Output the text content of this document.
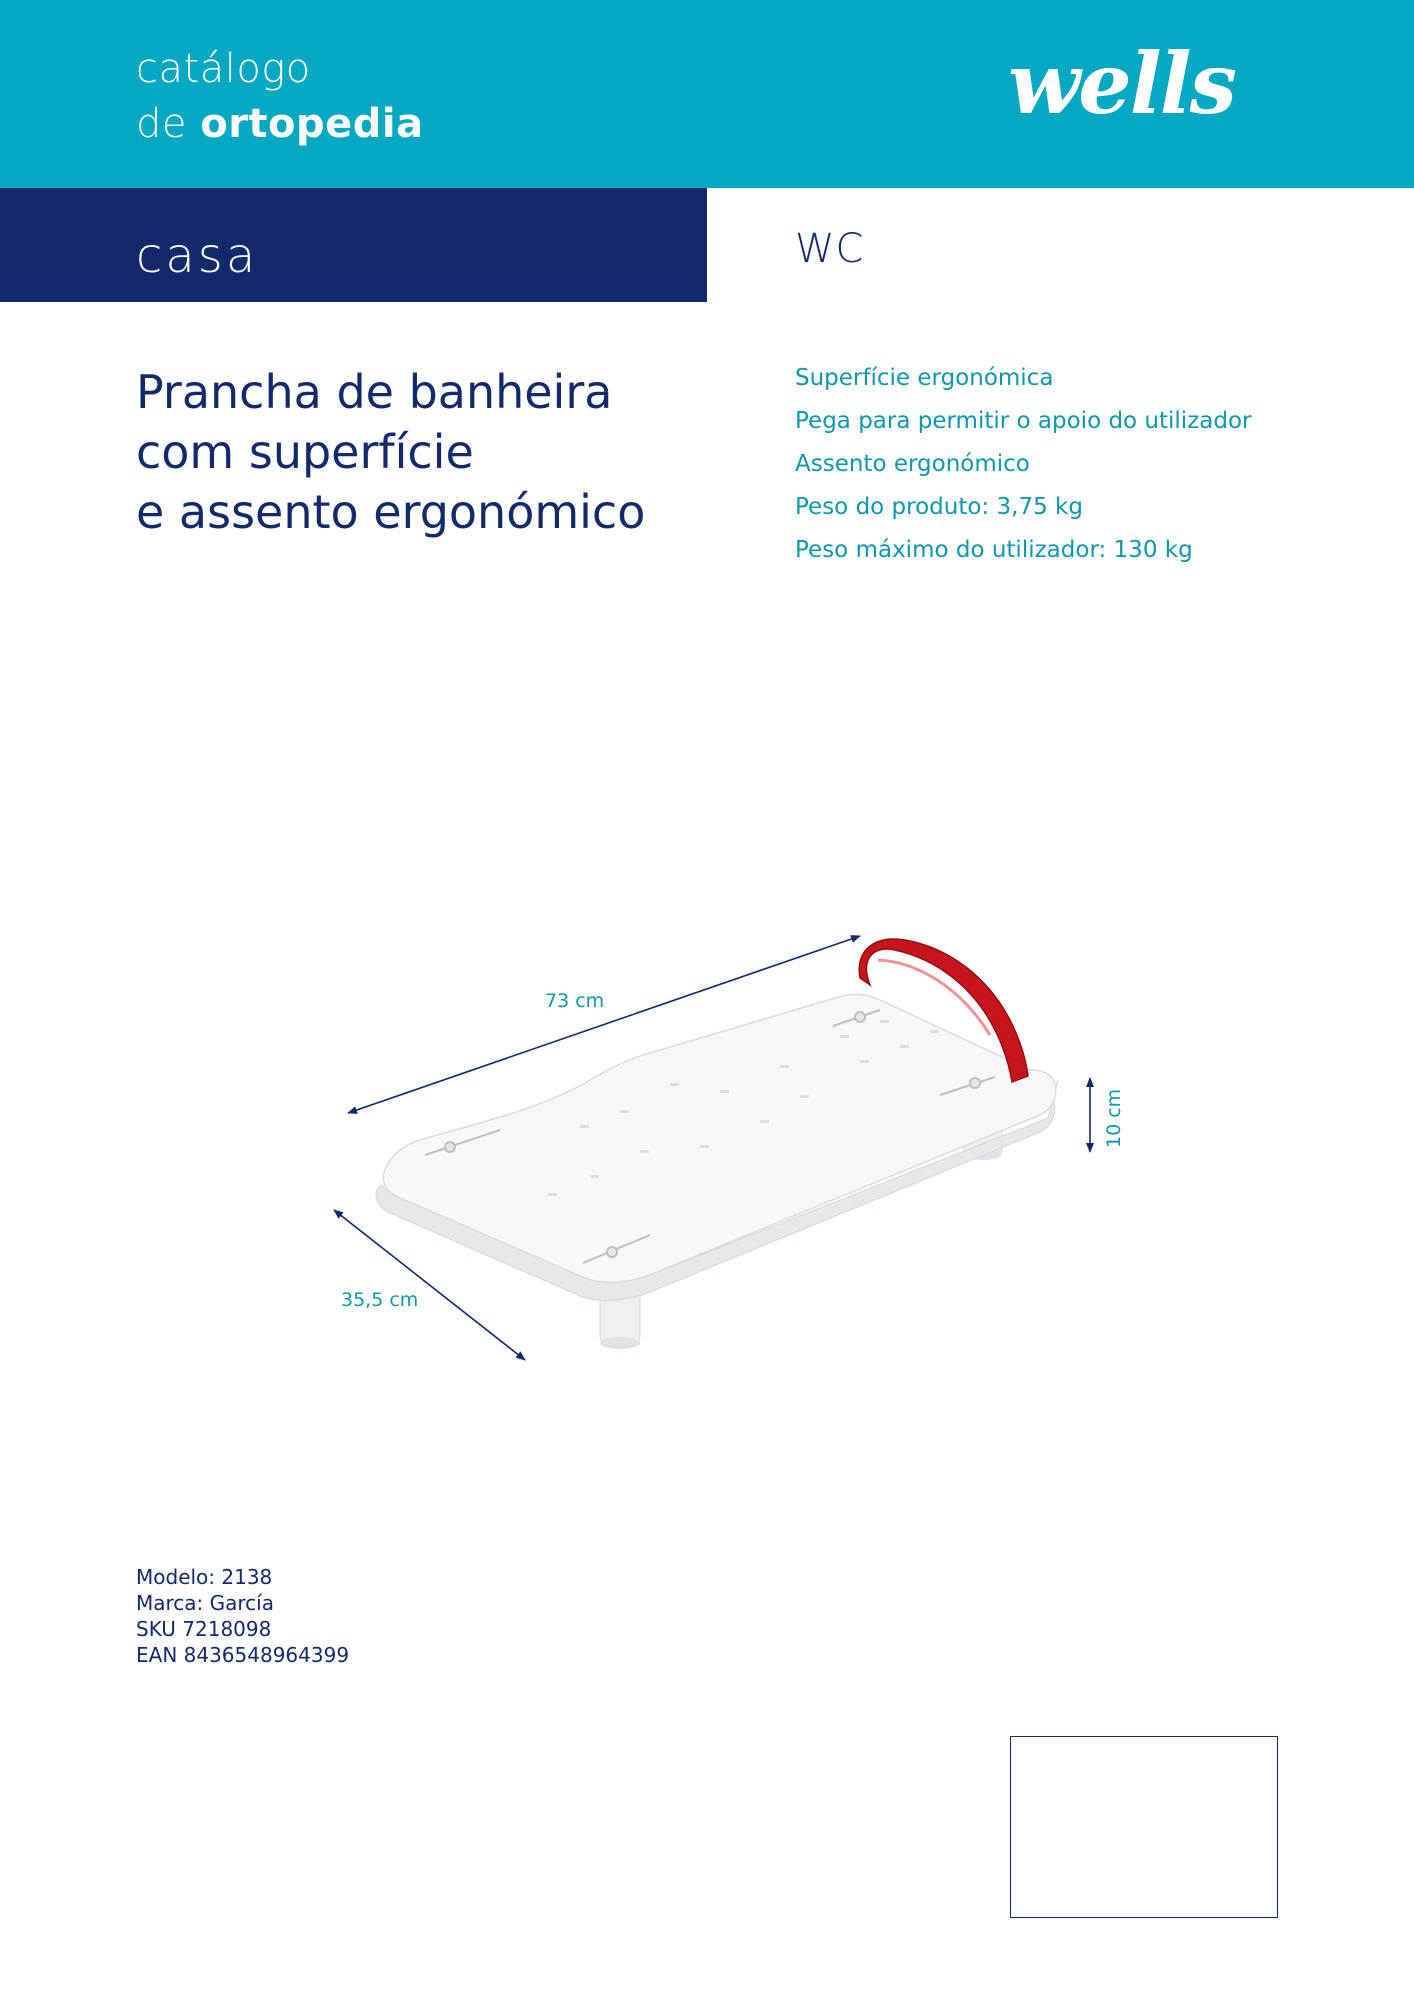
catálogo
de ortopedia	wells
casa	WC
Prancha de banheira
com superfície
e assento ergonómico
Superfície ergonómica
Pega para permitir o apoio do utilizador
Assento ergonómico
Peso do produto: 3,75 kg
Peso máximo do utilizador: 130 kg
73 cm
35,5 cm
10 cm
Modelo: 2138
Marca: García
SKU 7218098
EAN 8436548964399
